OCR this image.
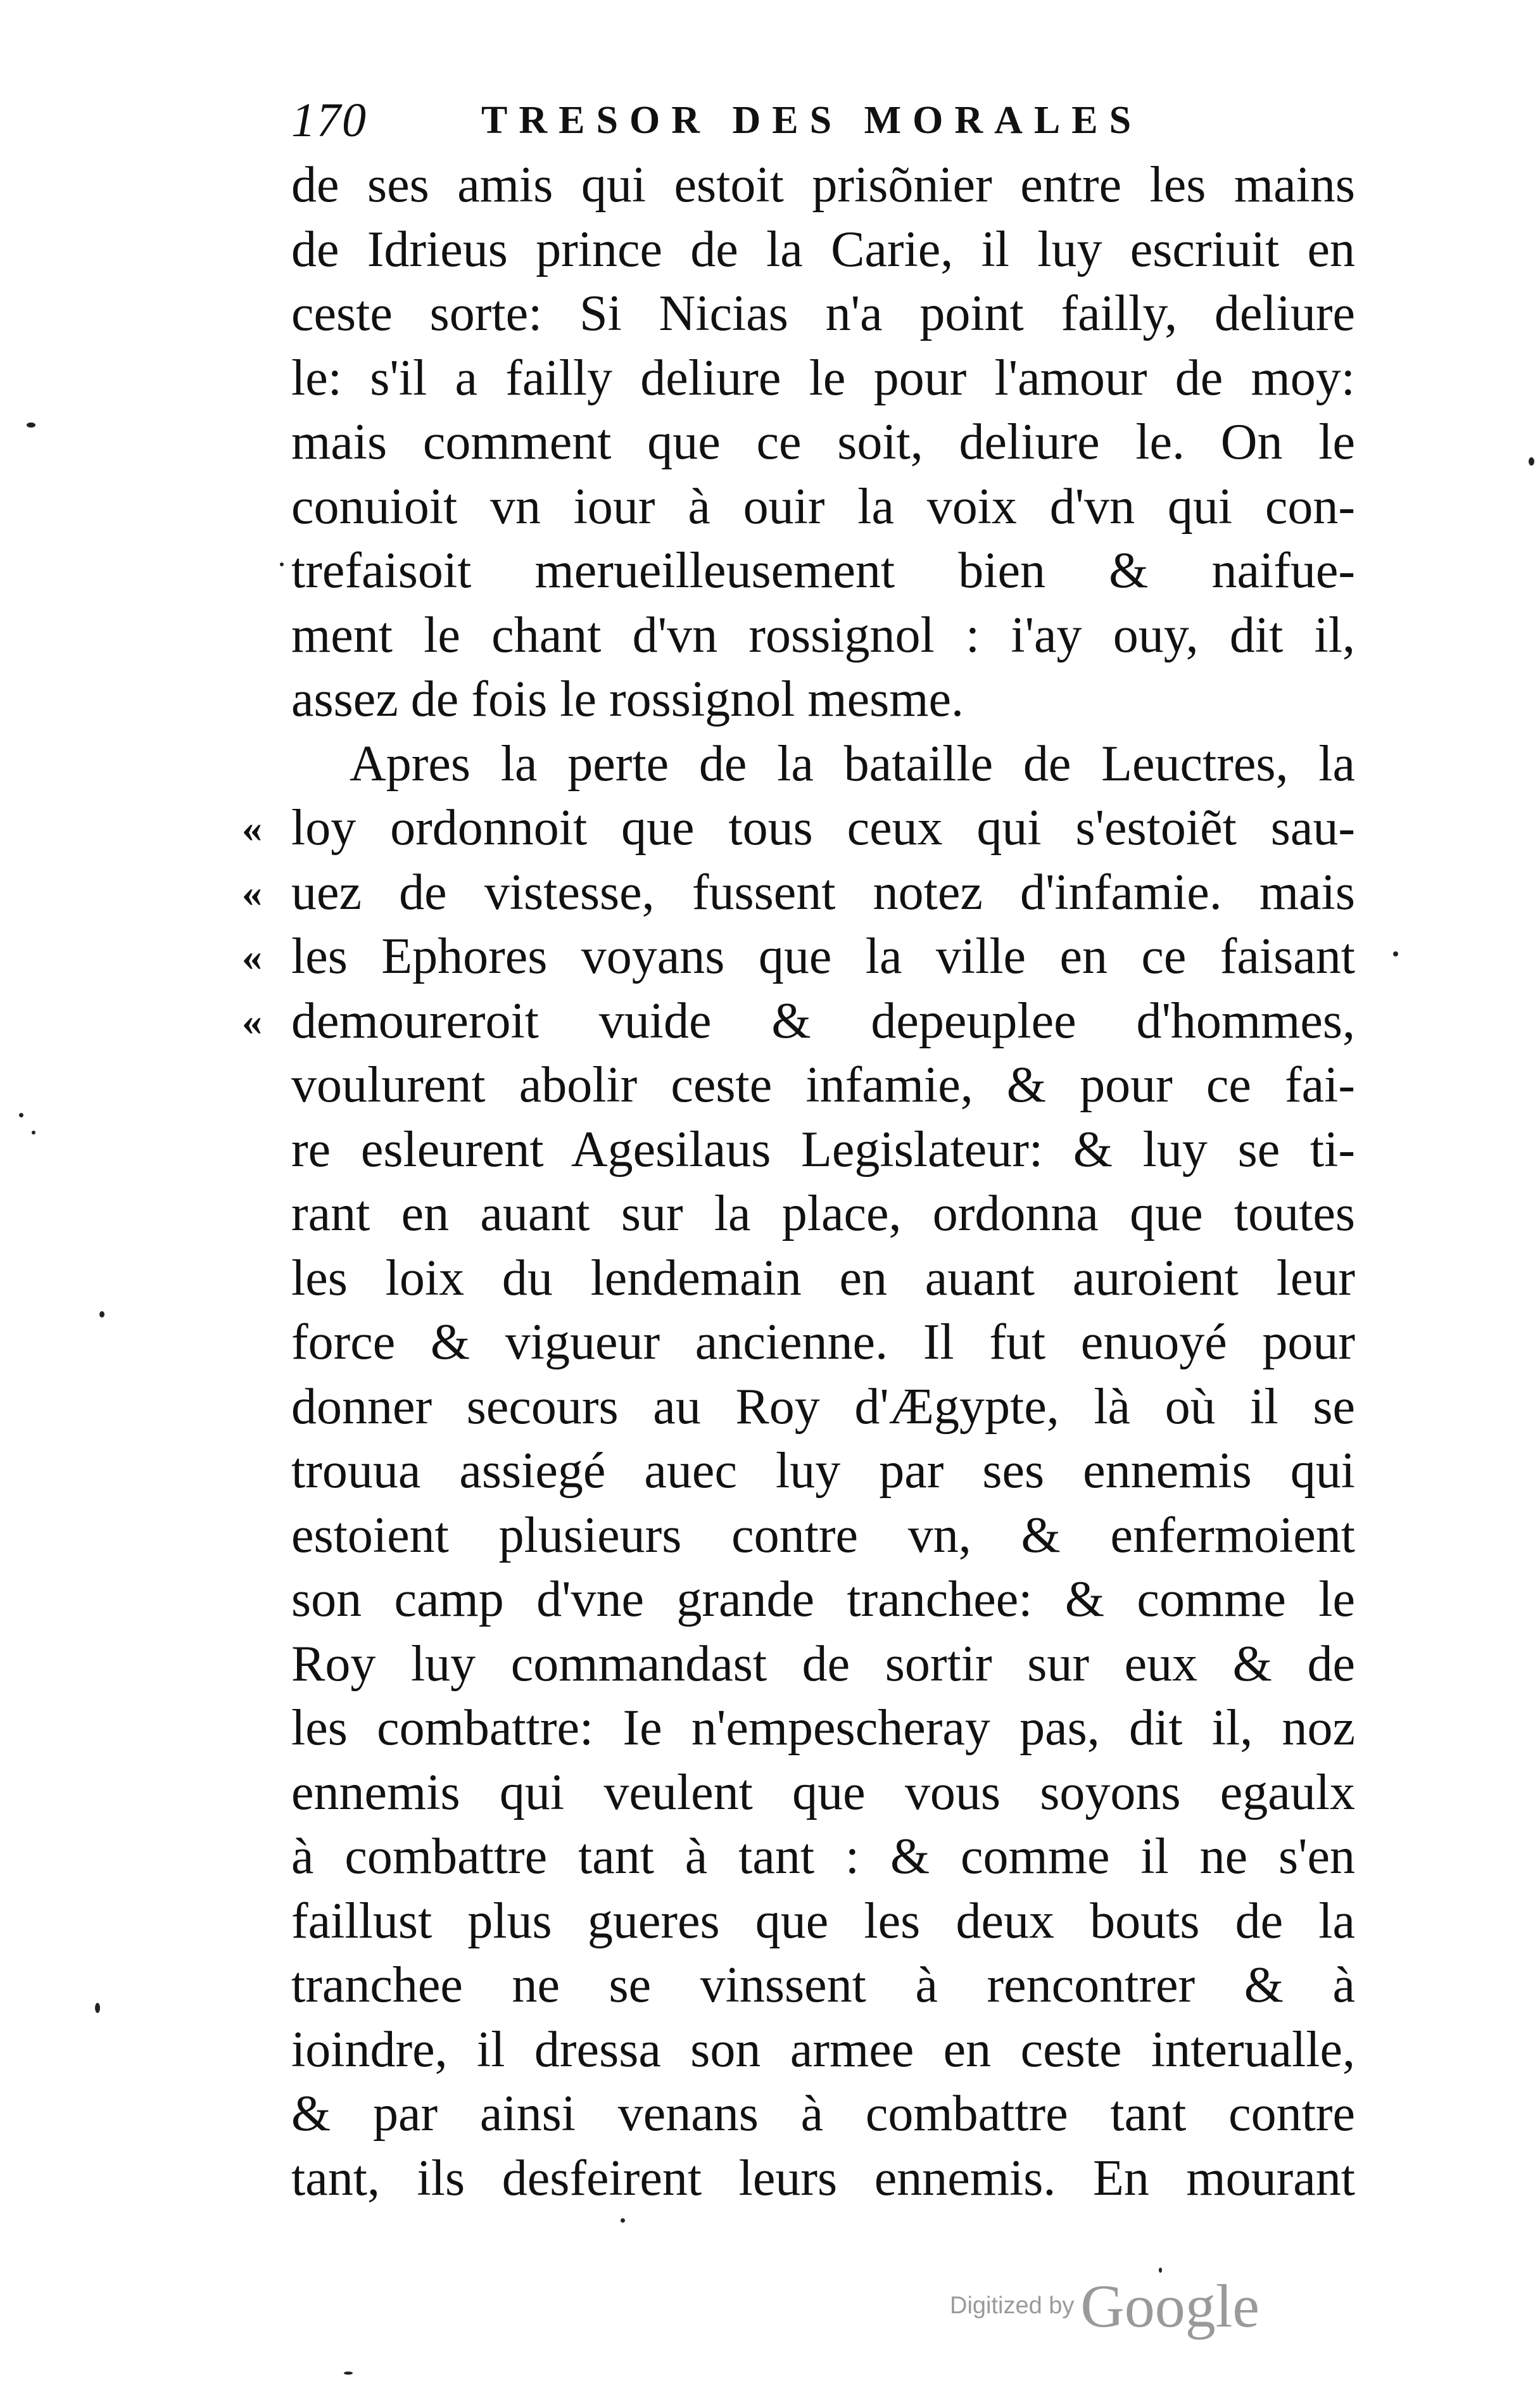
170	TRESOR DES MORALES
de ses amis qui estoit prisõnier entre les mains
de Idrieus prince de la Carie, il luy escriuit en
ceste sorte: Si Nicias n'a point failly, deliure
le: s'il a failly deliure le pour l'amour de moy:
mais comment que ce soit, deliure le. On le
conuioit vn iour à ouir la voix d'vn qui con-
trefaisoit merueilleusement bien & naifue-
ment le chant d'vn rossignol : i'ay ouy, dit il,
assez de fois le rossignol mesme.
Apres la perte de la bataille de Leuctres, la
« loy ordonnoit que tous ceux qui s'estoiẽt sau-
« uez de vistesse, fussent notez d'infamie. mais
« les Ephores voyans que la ville en ce faisant
« demoureroit vuide & depeuplee d'hommes,
voulurent abolir ceste infamie, & pour ce fai-
re esleurent Agesilaus Legislateur: & luy se ti-
rant en auant sur la place, ordonna que toutes
les loix du lendemain en auant auroient leur
force & vigueur ancienne. Il fut enuoyé pour
donner secours au Roy d'Ægypte, là où il se
trouua assiegé auec luy par ses ennemis qui
estoient plusieurs contre vn, & enfermoient
son camp d'vne grande tranchee: & comme le
Roy luy commandast de sortir sur eux & de
les combattre: Ie n'empescheray pas, dit il, noz
ennemis qui veulent que vous soyons egaulx
à combattre tant à tant : & comme il ne s'en
faillust plus gueres que les deux bouts de la
tranchee ne se vinssent à rencontrer & à
ioindre, il dressa son armee en ceste interualle,
& par ainsi venans à combattre tant contre
tant, ils desfeirent leurs ennemis. En mourant
Digitized by Google
